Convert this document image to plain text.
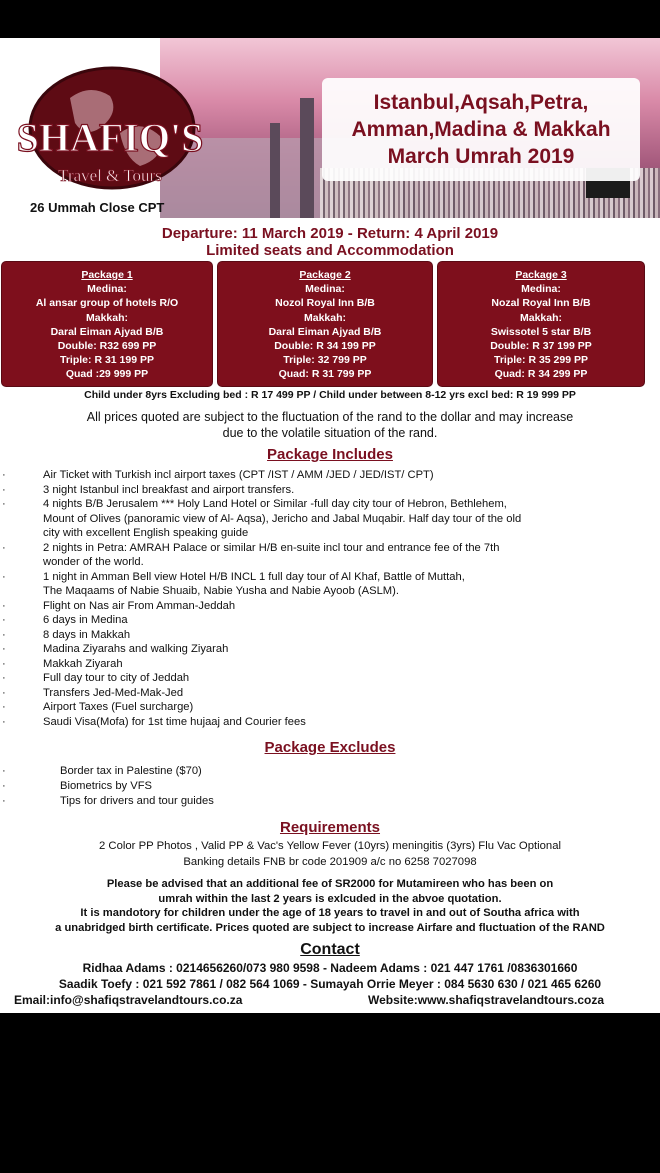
SHAFIQ'S
Travel & Tours
Istanbul,Aqsah,Petra,
Amman,Madina & Makkah
March Umrah 2019
26 Ummah Close CPT
Departure: 11 March 2019 - Return: 4 April 2019
Limited seats and Accommodation
Package 1
Medina:
Al ansar group of hotels R/O
Makkah:
Daral Eiman Ajyad B/B
Double: R32 699 PP
Triple: R 31 199 PP
Quad :29 999 PP
Package 2
Medina:
Nozol Royal Inn B/B
Makkah:
Daral Eiman Ajyad B/B
Double: R 34 199 PP
Triple: 32 799 PP
Quad: R 31 799 PP
Package 3
Medina:
Nozal Royal Inn B/B
Makkah:
Swissotel 5 star B/B
Double: R 37 199 PP
Triple: R 35 299 PP
Quad: R 34 299 PP
Child under 8yrs Excluding bed : R 17 499 PP / Child under between 8-12 yrs excl bed: R 19 999 PP
All prices quoted are subject to the fluctuation of the rand to the dollar and may increase
due to the volatile situation of the rand.
Package Includes
·	Air Ticket with Turkish incl airport taxes (CPT /IST / AMM /JED / JED/IST/ CPT)
·	3 night Istanbul incl breakfast and airport transfers.
·	4 nights B/B Jerusalem *** Holy Land Hotel or Similar -full day city tour of Hebron, Bethlehem,
Mount of Olives (panoramic view of Al- Aqsa), Jericho and Jabal Muqabir. Half day tour of the old
city with excellent English speaking guide
·	2 nights in Petra: AMRAH Palace or similar H/B en-suite incl tour and entrance fee of the 7th
wonder of the world.
·	1 night in Amman Bell view Hotel H/B INCL 1 full day tour of Al Khaf, Battle of Muttah,
The Maqaams of Nabie Shuaib, Nabie Yusha and Nabie Ayoob (ASLM).
·	Flight on Nas air From Amman-Jeddah
·	6 days in Medina
·	8 days in Makkah
·	Madina Ziyarahs and walking Ziyarah
·	Makkah Ziyarah
·	Full day tour to city of Jeddah
·	Transfers Jed-Med-Mak-Jed
·	Airport Taxes (Fuel surcharge)
·	Saudi Visa(Mofa) for 1st time hujaaj and Courier fees
Package Excludes
·	Border tax in Palestine ($70)
·	Biometrics by VFS
·	Tips for drivers and tour guides
Requirements
2 Color PP Photos , Valid PP & Vac's Yellow Fever (10yrs) meningitis (3yrs) Flu Vac Optional
Banking details FNB br code 201909 a/c no 6258 7027098
Please be advised that an additional fee of SR2000 for Mutamireen who has been on
umrah within the last 2 years is exlcuded in the abvoe quotation.
It is mandotory for children under the age of 18 years to travel in and out of Southa africa with
a unabridged birth certificate. Prices quoted are subject to increase Airfare and fluctuation of the RAND
Contact
Ridhaa Adams : 0214656260/073 980 9598 - Nadeem Adams : 021 447 1761 /0836301660
Saadik Toefy : 021 592 7861 / 082 564 1069 - Sumayah Orrie Meyer : 084 5630 630 / 021 465 6260
Email:info@shafiqstravelandtours.co.za	Website:www.shafiqstravelandtours.coza
